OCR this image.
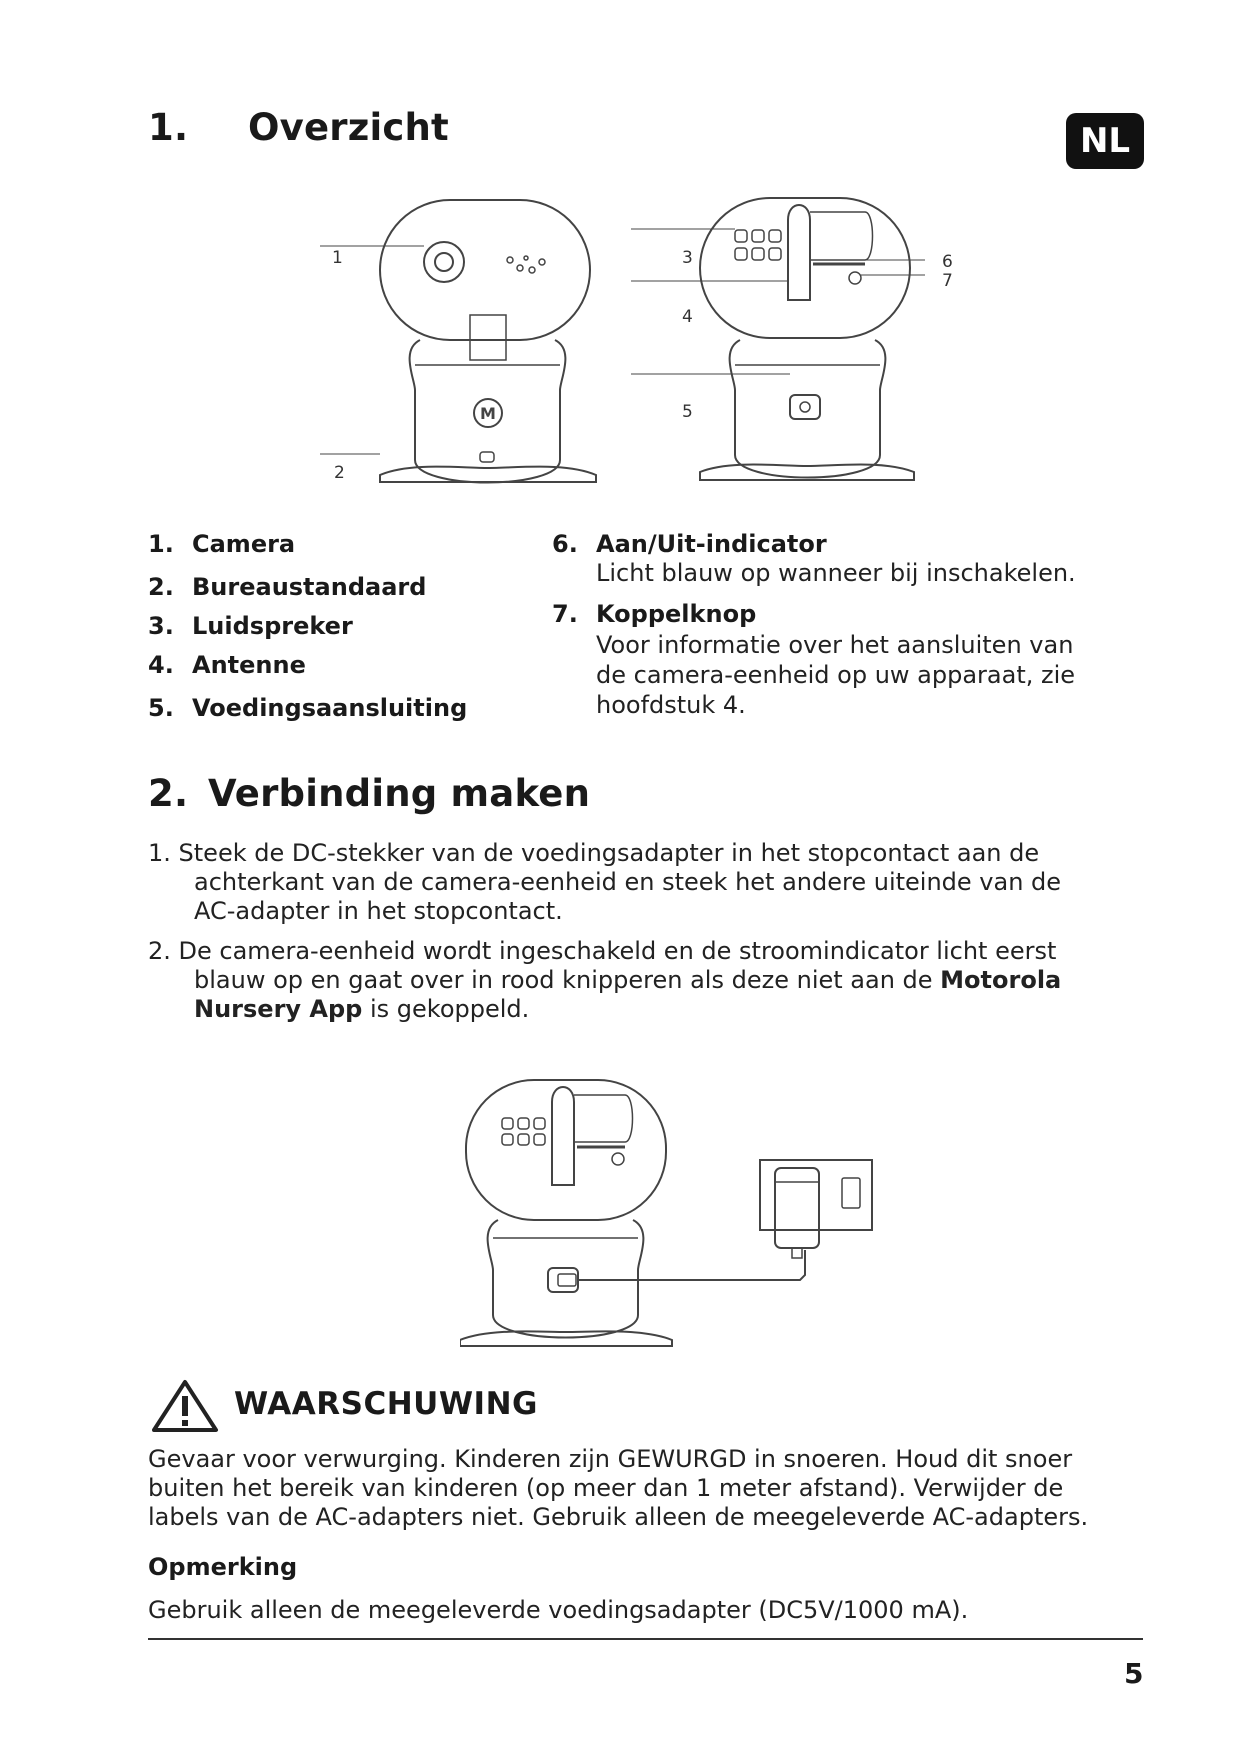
1. Overzicht	NL
M
1
2
3
4
5
6
7
1. Camera
2. Bureaustandaard
3. Luidspreker
4. Antenne
5. Voedingsaansluiting
6. Aan/Uit-indicator
Licht blauw op wanneer bij inschakelen.
7. Koppelknop
Voor informatie over het aansluiten van
de camera-eenheid op uw apparaat, zie
hoofdstuk 4.
2. Verbinding maken
1. Steek de DC-stekker van de voedingsadapter in het stopcontact aan de
achterkant van de camera-eenheid en steek het andere uiteinde van de
AC-adapter in het stopcontact.
2. De camera-eenheid wordt ingeschakeld en de stroomindicator licht eerst
blauw op en gaat over in rood knipperen als deze niet aan de Motorola
Nursery App is gekoppeld.
WAARSCHUWING
Gevaar voor verwurging. Kinderen zijn GEWURGD in snoeren. Houd dit snoer
buiten het bereik van kinderen (op meer dan 1 meter afstand). Verwijder de
labels van de AC-adapters niet. Gebruik alleen de meegeleverde AC-adapters.
Opmerking
Gebruik alleen de meegeleverde voedingsadapter (DC5V/1000 mA).
5
